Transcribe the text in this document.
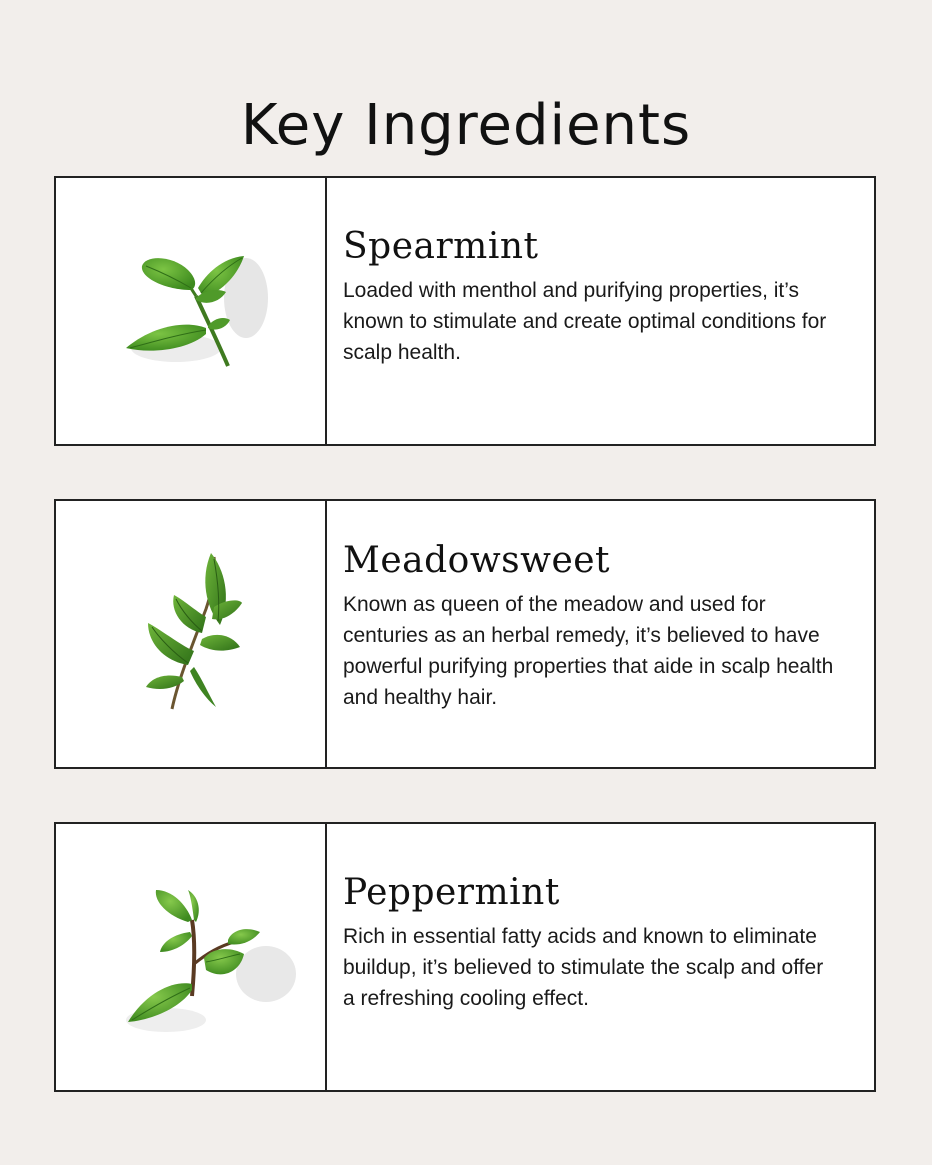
Key Ingredients
Spearmint

Loaded with menthol and purifying properties, it’s known to stimulate and create optimal conditions for scalp health.

Meadowsweet

Known as queen of the meadow and used for centuries as an herbal remedy, it’s believed to have powerful purifying properties that aide in scalp health and healthy hair.

Peppermint

Rich in essential fatty acids and known to eliminate buildup, it’s believed to stimulate the scalp and offer a refreshing cooling effect.
